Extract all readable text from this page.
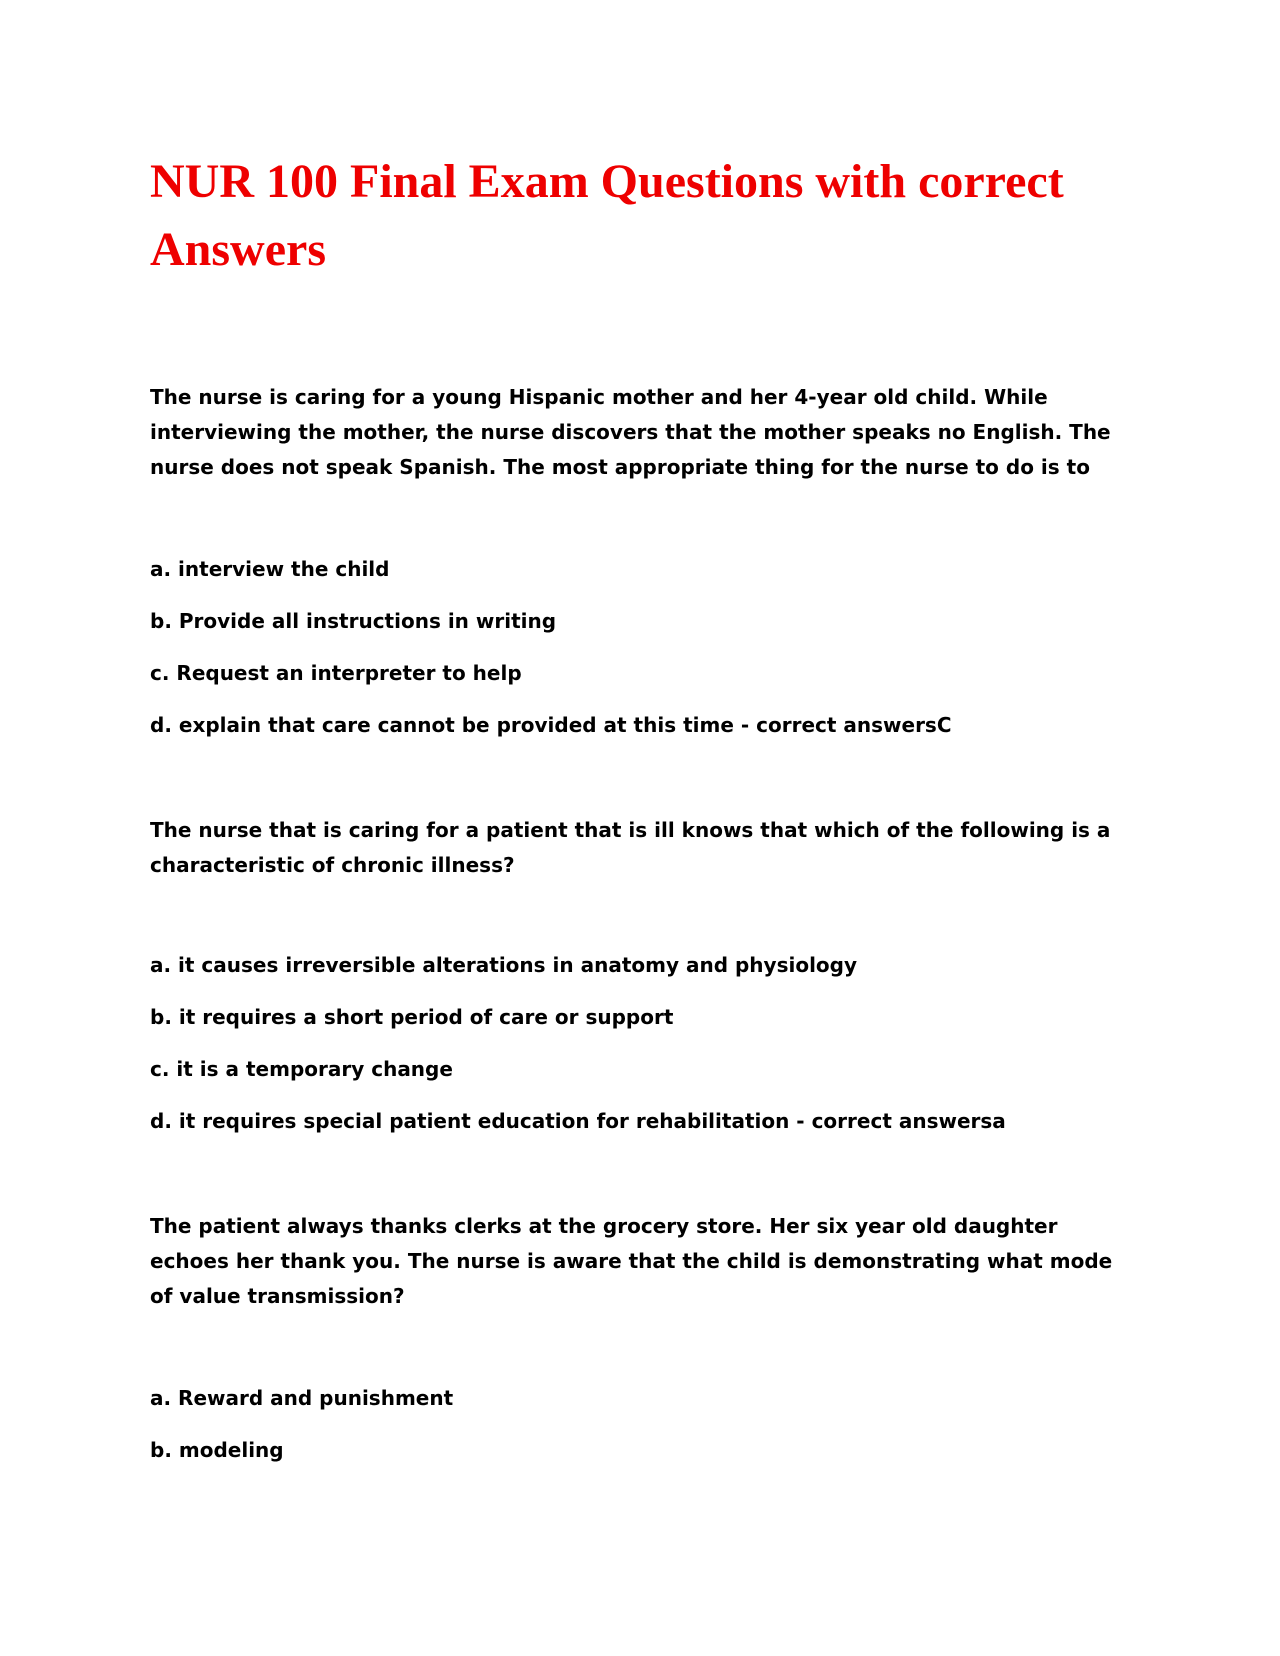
NUR 100 Final Exam Questions with correct Answers

The nurse is caring for a young Hispanic mother and her 4-year old child. While interviewing the mother, the nurse discovers that the mother speaks no English. The nurse does not speak Spanish. The most appropriate thing for the nurse to do is to

a. interview the child

b. Provide all instructions in writing

c. Request an interpreter to help

d. explain that care cannot be provided at this time - correct answersC

The nurse that is caring for a patient that is ill knows that which of the following is a characteristic of chronic illness?

a. it causes irreversible alterations in anatomy and physiology

b. it requires a short period of care or support

c. it is a temporary change

d. it requires special patient education for rehabilitation - correct answersa

The patient always thanks clerks at the grocery store. Her six year old daughter echoes her thank you. The nurse is aware that the child is demonstrating what mode of value transmission?

a. Reward and punishment

b. modeling
